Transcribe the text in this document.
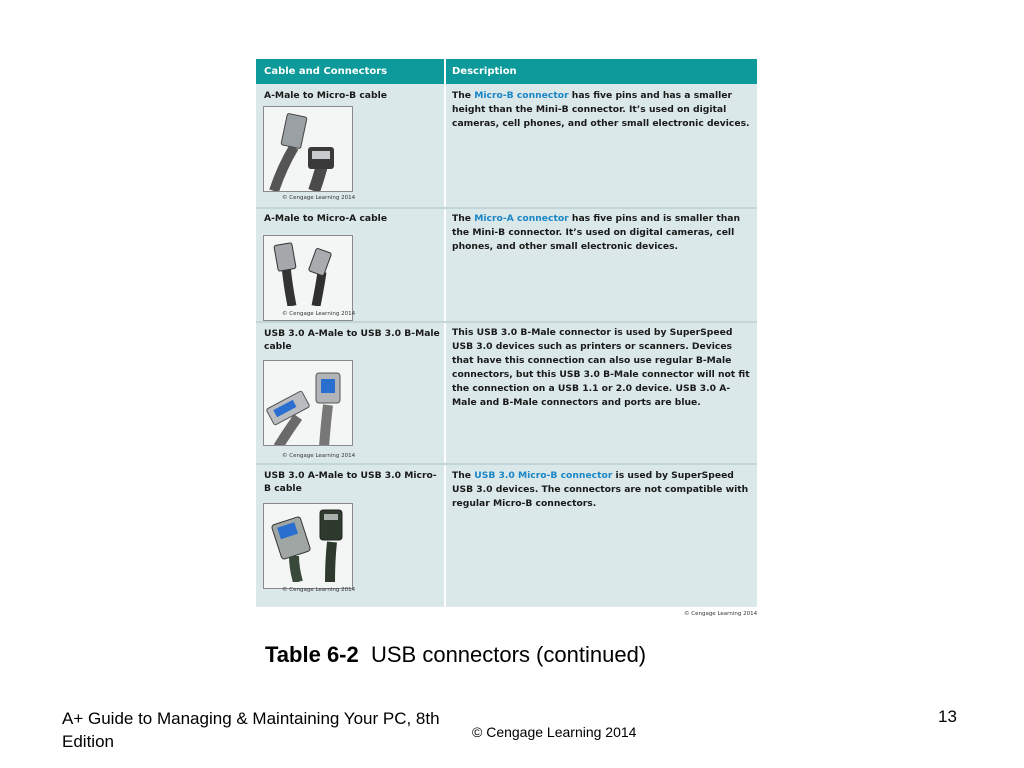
Cable and Connectors	Description
A-Male to Micro-B cable
© Cengage Learning 2014
The Micro-B connector has five pins and has a smaller height than the Mini-B connector. It’s used on digital cameras, cell phones, and other small electronic devices.
A-Male to Micro-A cable
© Cengage Learning 2014
The Micro-A connector has five pins and is smaller than the Mini-B connector. It’s used on digital cameras, cell phones, and other small electronic devices.
USB 3.0 A-Male to USB 3.0 B-Male cable
© Cengage Learning 2014
This USB 3.0 B-Male connector is used by SuperSpeed USB 3.0 devices such as printers or scanners. Devices that have this connection can also use regular B-Male connectors, but this USB 3.0 B-Male connector will not fit the connection on a USB 1.1 or 2.0 device. USB 3.0 A-Male and B-Male connectors and ports are blue.
USB 3.0 A-Male to USB 3.0 Micro-B cable
© Cengage Learning 2014
The USB 3.0 Micro-B connector is used by SuperSpeed USB 3.0 devices. The connectors are not compatible with regular Micro-B connectors.
© Cengage Learning 2014
Table 6-2 USB connectors (continued)
A+ Guide to Managing & Maintaining Your PC, 8th Edition	© Cengage Learning 2014
13
